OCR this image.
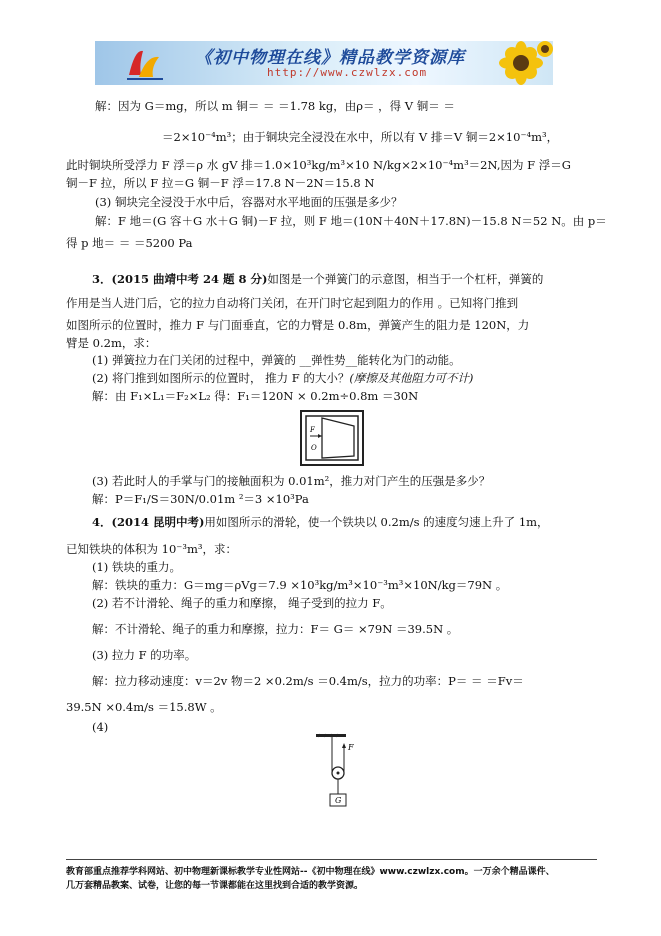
《初中物理在线》精品教学资源库
http://www.czwlzx.com
解：因为 G＝mg，所以 m 铜＝ ＝ ＝1.78 kg，由ρ＝ ，得 V 铜＝ ＝
＝2×10⁻⁴m³；由于铜块完全浸没在水中，所以有 V 排＝V 铜＝2×10⁻⁴m³，
此时铜块所受浮力 F 浮＝ρ 水 gV 排＝1.0×10³kg/m³×10 N/kg×2×10⁻⁴m³＝2N,因为 F 浮＝G
铜－F 拉，所以 F 拉＝G 铜－F 浮＝17.8 N－2N＝15.8 N
(3) 铜块完全浸没于水中后，容器对水平地面的压强是多少？
解：F 地＝(G 容＋G 水＋G 铜)－F 拉，则 F 地＝(10N＋40N＋17.8N)－15.8 N＝52 N。由 p＝
得 p 地＝ ＝ ＝5200 Pa
3．(2015 曲靖中考 24 题 8 分)如图是一个弹簧门的示意图，相当于一个杠杆，弹簧的
作用是当人进门后，它的拉力自动将门关闭，在开门时它起到阻力的作用 。已知将门推到
如图所示的位置时，推力 F 与门面垂直，它的力臂是 0.8m，弹簧产生的阻力是 120N，力
臂是 0.2m，求：
(1) 弹簧拉力在门关闭的过程中，弹簧的 __弹性势__能转化为门的动能。
(2) 将门推到如图所示的位置时， 推力 F 的大小？(摩擦及其他阻力可不计)
解：由 F₁×L₁＝F₂×L₂ 得：F₁＝120N × 0.2m÷0.8m ＝30N
F
O
(3) 若此时人的手掌与门的接触面积为 0.01m²，推力对门产生的压强是多少？
解：P＝F₁/S＝30N/0.01m ²＝3 ×10³Pa
4．(2014 昆明中考)用如图所示的滑轮，使一个铁块以 0.2m/s 的速度匀速上升了 1m，
已知铁块的体积为 10⁻³m³，求：
(1) 铁块的重力。
解：铁块的重力：G＝mg＝ρVg＝7.9 ×10³kg/m³×10⁻³m³×10N/kg＝79N 。
(2) 若不计滑轮、绳子的重力和摩擦， 绳子受到的拉力 F。
解：不计滑轮、绳子的重力和摩擦，拉力：F＝ G＝ ×79N ＝39.5N 。
(3) 拉力 F 的功率。
解：拉力移动速度：v＝2v 物＝2 ×0.2m/s ＝0.4m/s，拉力的功率：P＝ ＝ ＝Fv＝
39.5N ×0.4m/s ＝15.8W 。
(4)
F
G
教育部重点推荐学科网站、初中物理新课标教学专业性网站--《初中物理在线》www.czwlzx.com。一万余个精品课件、
几万套精品教案、试卷，让您的每一节课都能在这里找到合适的教学资源。
